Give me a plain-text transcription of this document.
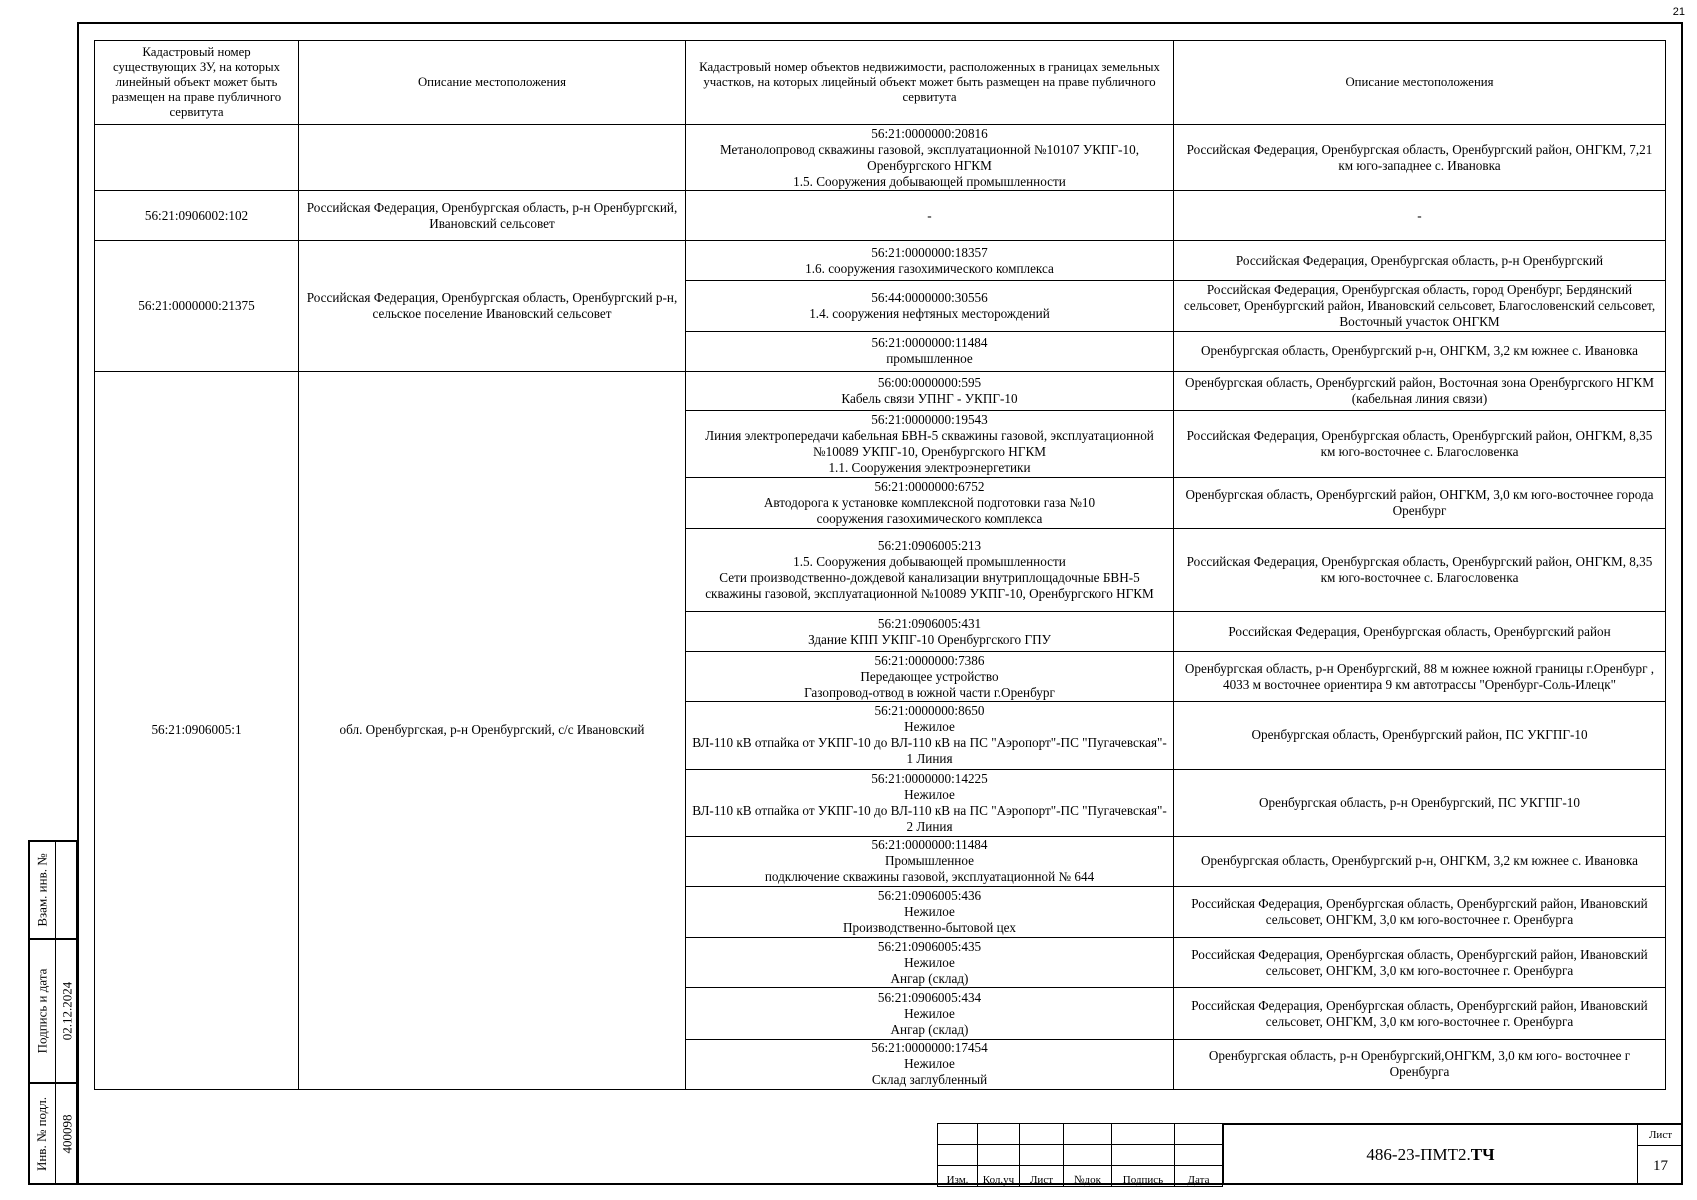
21
Кадастровый номер существующих ЗУ, на которых линейный объект может быть размещен на праве публичного сервитута	Описание местоположения	Кадастровый номер объектов недвижимости, расположенных в границах земельных участков, на которых лицейный объект может быть размещен на праве публичного сервитута	Описание местоположения
		56:21:0000000:20816
Метанолопровод скважины газовой, эксплуатационной №10107 УКПГ-10, Оренбургского НГКМ
1.5. Сооружения добывающей промышленности	Российская Федерация, Оренбургская область, Оренбургский район, ОНГКМ, 7,21 км юго-западнее с. Ивановка
56:21:0906002:102	Российская Федерация, Оренбургская область, р-н Оренбургский, Ивановский сельсовет	-	-
56:21:0000000:21375	Российская Федерация, Оренбургская область, Оренбургский р-н, сельское поселение Ивановский сельсовет	56:21:0000000:18357
1.6. сооружения газохимического комплекса	Российская Федерация, Оренбургская область, р-н Оренбургский
		56:44:0000000:30556
1.4. сооружения нефтяных месторождений	Российская Федерация, Оренбургская область, город Оренбург, Бердянский сельсовет, Оренбургский район, Ивановский сельсовет, Благословенский сельсовет, Восточный участок ОНГКМ
		56:21:0000000:11484
промышленное	Оренбургская область, Оренбургский р-н, ОНГКМ, 3,2 км южнее с. Ивановка
56:21:0906005:1	обл. Оренбургская, р-н Оренбургский, с/с Ивановский	56:00:0000000:595
Кабель связи УПНГ - УКПГ-10	Оренбургская область, Оренбургский район, Восточная зона Оренбургского НГКМ (кабельная линия связи)
		56:21:0000000:19543
Линия электропередачи кабельная БВН-5 скважины газовой, эксплуатационной №10089 УКПГ-10, Оренбургского НГКМ
1.1. Сооружения электроэнергетики	Российская Федерация, Оренбургская область, Оренбургский район, ОНГКМ, 8,35 км юго-восточнее с. Благословенка
		56:21:0000000:6752
Автодорога к установке комплексной подготовки газа №10
сооружения газохимического комплекса	Оренбургская область, Оренбургский район, ОНГКМ, 3,0 км юго-восточнее города Оренбург
		56:21:0906005:213
1.5. Сооружения добывающей промышленности
Сети производственно-дождевой канализации внутриплощадочные БВН-5 скважины газовой, эксплуатационной №10089 УКПГ-10, Оренбургского НГКМ	Российская Федерация, Оренбургская область, Оренбургский район, ОНГКМ, 8,35 км юго-восточнее с. Благословенка
		56:21:0906005:431
Здание КПП УКПГ-10 Оренбургского ГПУ	Российская Федерация, Оренбургская область, Оренбургский район
		56:21:0000000:7386
Передающее устройство
Газопровод-отвод в южной части г.Оренбург	Оренбургская область, р-н Оренбургский, 88 м южнее южной границы г.Оренбург , 4033 м восточнее ориентира 9 км автотрассы "Оренбург-Соль-Илецк"
		56:21:0000000:8650
Нежилое
ВЛ-110 кВ отпайка от УКПГ-10 до ВЛ-110 кВ на ПС "Аэропорт"-ПС "Пугачевская"- 1 Линия	Оренбургская область, Оренбургский район, ПС УКГПГ-10
		56:21:0000000:14225
Нежилое
ВЛ-110 кВ отпайка от УКПГ-10 до ВЛ-110 кВ на ПС "Аэропорт"-ПС "Пугачевская"- 2 Линия	Оренбургская область, р-н Оренбургский, ПС УКГПГ-10
		56:21:0000000:11484
Промышленное
подключение скважины газовой, эксплуатационной № 644	Оренбургская область, Оренбургский р-н, ОНГКМ, 3,2 км южнее с. Ивановка
		56:21:0906005:436
Нежилое
Производственно-бытовой цех	Российская Федерация, Оренбургская область, Оренбургский район, Ивановский сельсовет, ОНГКМ, 3,0 км юго-восточнее г. Оренбурга
		56:21:0906005:435
Нежилое
Ангар (склад)	Российская Федерация, Оренбургская область, Оренбургский район, Ивановский сельсовет, ОНГКМ, 3,0 км юго-восточнее г. Оренбурга
		56:21:0906005:434
Нежилое
Ангар (склад)	Российская Федерация, Оренбургская область, Оренбургский район, Ивановский сельсовет, ОНГКМ, 3,0 км юго-восточнее г. Оренбурга
		56:21:0000000:17454
Нежилое
Склад заглубленный	Оренбургская область, р-н Оренбургский,ОНГКМ, 3,0 км юго- восточнее г Оренбурга
Взам. инв. №
Подпись и дата 02.12.2024
Инв. № подл. 400098

Изм.	Кол.уч	Лист	№док	Подпись	Дата
486-23-ПМТ2. ТЧ
Лист
17
